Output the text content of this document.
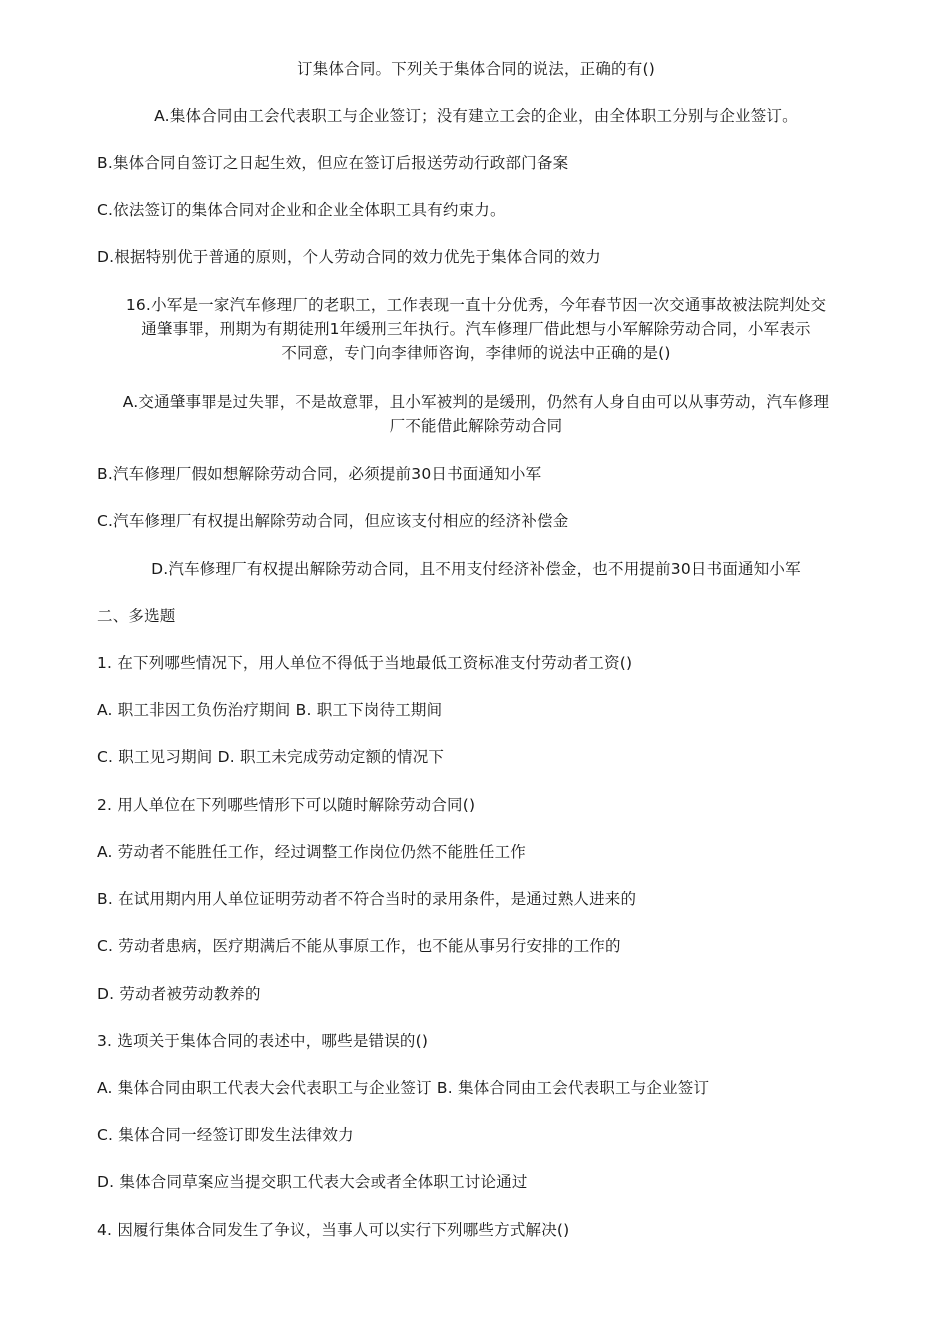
订集体合同。下列关于集体合同的说法，正确的有()
A.集体合同由工会代表职工与企业签订；没有建立工会的企业，由全体职工分别与企业签订。
B.集体合同自签订之日起生效，但应在签订后报送劳动行政部门备案
C.依法签订的集体合同对企业和企业全体职工具有约束力。
D.根据特别优于普通的原则，个人劳动合同的效力优先于集体合同的效力
16.小军是一家汽车修理厂的老职工，工作表现一直十分优秀，今年春节因一次交通事故被法院判处交
通肇事罪，刑期为有期徒刑1年缓刑三年执行。汽车修理厂借此想与小军解除劳动合同，小军表示
不同意，专门向李律师咨询，李律师的说法中正确的是()
A.交通肇事罪是过失罪，不是故意罪，且小军被判的是缓刑，仍然有人身自由可以从事劳动，汽车修理
厂不能借此解除劳动合同
B.汽车修理厂假如想解除劳动合同，必须提前30日书面通知小军
C.汽车修理厂有权提出解除劳动合同，但应该支付相应的经济补偿金
D.汽车修理厂有权提出解除劳动合同，且不用支付经济补偿金，也不用提前30日书面通知小军
二、多选题
1. 在下列哪些情况下，用人单位不得低于当地最低工资标准支付劳动者工资()
A. 职工非因工负伤治疗期间 B. 职工下岗待工期间
C. 职工见习期间 D. 职工未完成劳动定额的情况下
2. 用人单位在下列哪些情形下可以随时解除劳动合同()
A. 劳动者不能胜任工作，经过调整工作岗位仍然不能胜任工作
B. 在试用期内用人单位证明劳动者不符合当时的录用条件，是通过熟人进来的
C. 劳动者患病，医疗期满后不能从事原工作，也不能从事另行安排的工作的
D. 劳动者被劳动教养的
3. 选项关于集体合同的表述中，哪些是错误的()
A. 集体合同由职工代表大会代表职工与企业签订 B. 集体合同由工会代表职工与企业签订
C. 集体合同一经签订即发生法律效力
D. 集体合同草案应当提交职工代表大会或者全体职工讨论通过
4. 因履行集体合同发生了争议，当事人可以实行下列哪些方式解决()
